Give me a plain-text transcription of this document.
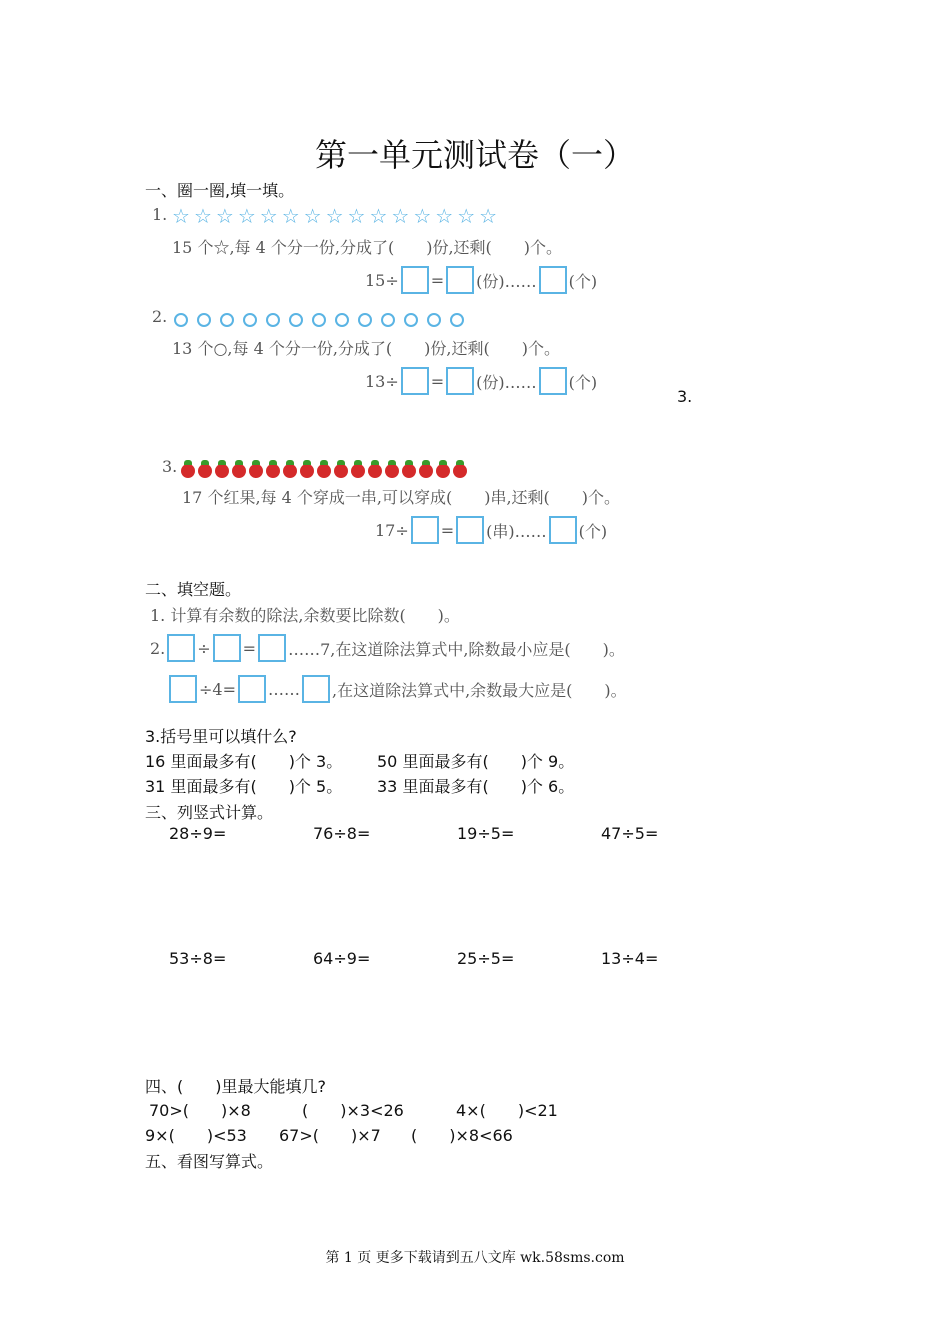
第一单元测试卷（一）
一、圈一圈,填一填。
1. ☆☆☆☆☆☆☆☆☆☆☆☆☆☆☆
15 个☆,每 4 个分一份,分成了(　　)份,还剩(　　)个。
15÷ = (份)…… (个)
2.
13 个○,每 4 个分一份,分成了(　　)份,还剩(　　)个。
13÷ = (份)…… (个)
3.
3.
17 个红果,每 4 个穿成一串,可以穿成(　　)串,还剩(　　)个。
17÷ = (串)…… (个)
二、填空题。
1. 计算有余数的除法,余数要比除数(　　)。
2. ÷ = ……7,在这道除法算式中,除数最小应是(　　)。
÷4= …… ,在这道除法算式中,余数最大应是(　　)。
3.括号里可以填什么?
16 里面最多有(　　)个 3。 50 里面最多有(　　)个 9。
31 里面最多有(　　)个 5。 33 里面最多有(　　)个 6。
三、列竖式计算。
28÷9=	76÷8=	19÷5=	47÷5=
53÷8=	64÷9=	25÷5=	13÷4=
四、(　　)里最大能填几?
70>(　　)×8	(　　)×3<26	4×(　　)<21
9×(　　)<53 67>(　　)×7 (　　)×8<66
五、看图写算式。
第 1 页 更多下载请到五八文库 wk.58sms.com
